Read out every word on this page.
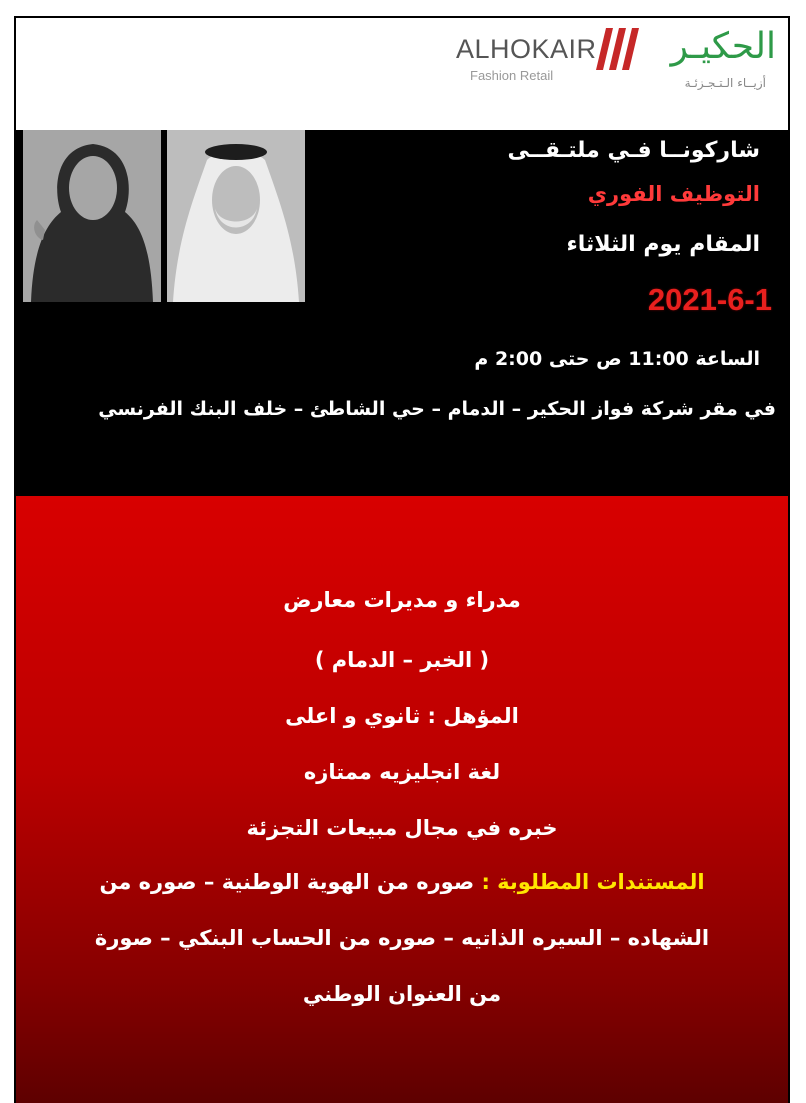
ALHOKAIR
Fashion Retail
الحكيـر
أزيــاء الـتـجـزئـة
شاركونــا فـي ملتـقــى
التوظيف الفوري
المقام يوم الثلاثاء
2021-6-1
الساعة 11:00 ص حتى 2:00 م
في مقر شركة فواز الحكير – الدمام – حي الشاطئ – خلف البنك الفرنسي
مدراء و مديرات معارض
( الخبر – الدمام )
المؤهل : ثانوي و اعلى
لغة انجليزيه ممتازه
خبره في مجال مبيعات التجزئة
المستندات المطلوبة : صوره من الهوية الوطنية – صوره من
الشهاده – السيره الذاتيه – صوره من الحساب البنكي – صورة
من العنوان الوطني
